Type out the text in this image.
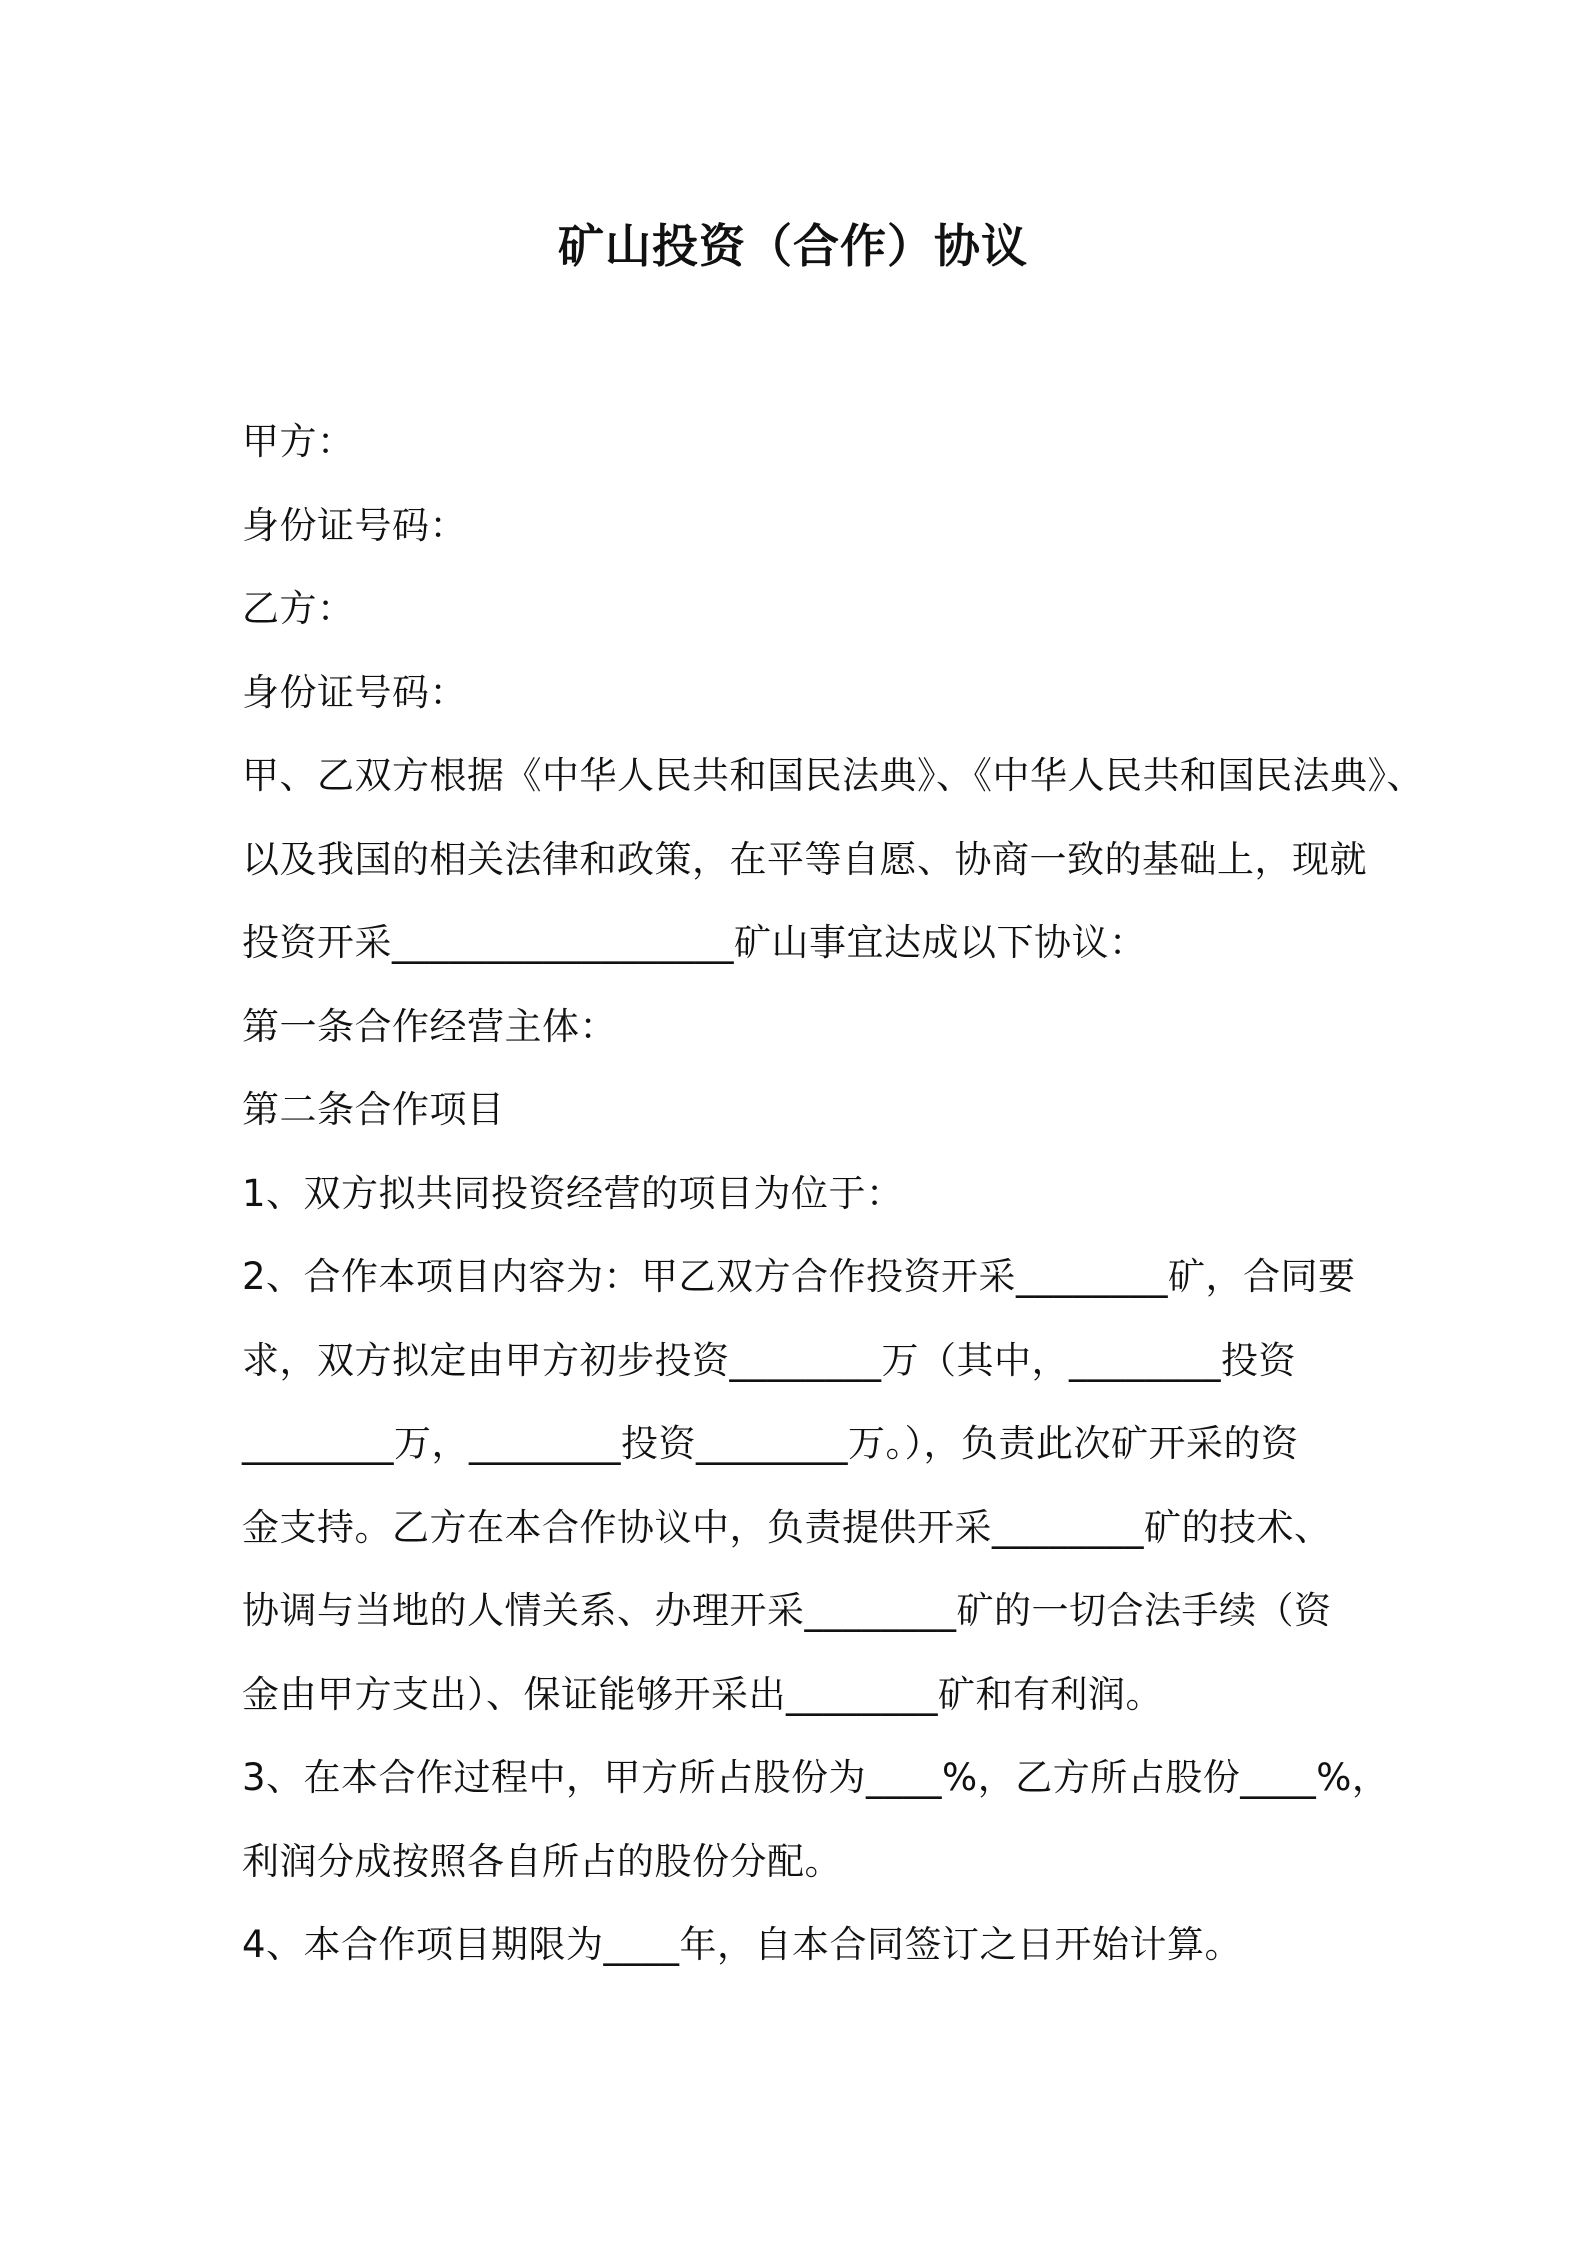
矿山投资（合作）协议
甲方：
身份证号码：
乙方：
身份证号码：
甲、乙双方根据《中华人民共和国民法典》、《中华人民共和国民法典》、
以及我国的相关法律和政策，在平等自愿、协商一致的基础上，现就
投资开采__________________矿山事宜达成以下协议：
第一条合作经营主体：
第二条合作项目
1、双方拟共同投资经营的项目为位于：
2、合作本项目内容为：甲乙双方合作投资开采________矿，合同要
求，双方拟定由甲方初步投资________万（其中，________投资
________万，________投资________万。），负责此次矿开采的资
金支持。乙方在本合作协议中，负责提供开采________矿的技术、
协调与当地的人情关系、办理开采________矿的一切合法手续（资
金由甲方支出）、保证能够开采出________矿和有利润。
3、在本合作过程中，甲方所占股份为____%，乙方所占股份____%，
利润分成按照各自所占的股份分配。
4、本合作项目期限为____年，自本合同签订之日开始计算。
